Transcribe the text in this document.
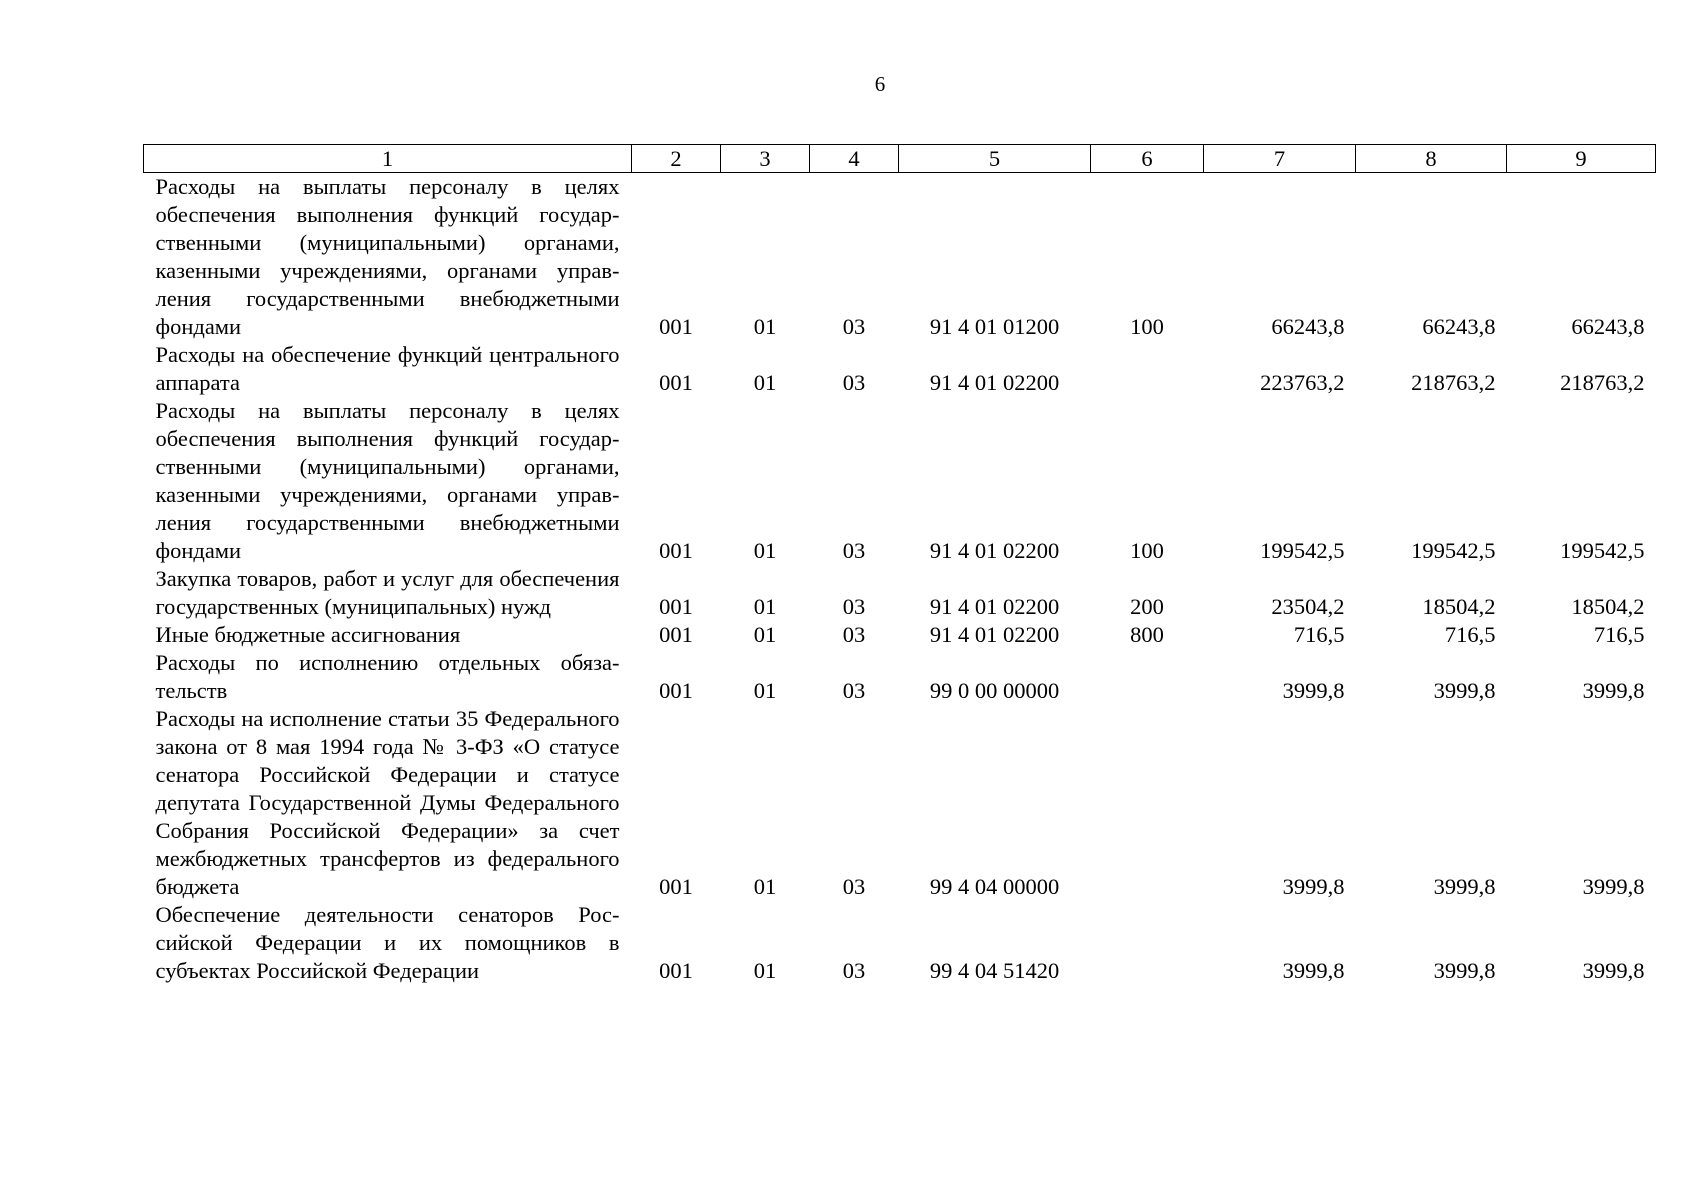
6
1	2	3	4	5	6	7	8	9
Расходы на выплаты персоналу в целях обеспечения выполнения функций государственными (муниципальными) органами, казенными учреждениями, органами управления государственными внебюджетными фондами	001	01	03	91 4 01 01200	100	66243,8	66243,8	66243,8
Расходы на обеспечение функций центрального аппарата	001	01	03	91 4 01 02200		223763,2	218763,2	218763,2
Расходы на выплаты персоналу в целях обеспечения выполнения функций государственными (муниципальными) органами, казенными учреждениями, органами управления государственными внебюджетными фондами	001	01	03	91 4 01 02200	100	199542,5	199542,5	199542,5
Закупка товаров, работ и услуг для обеспечения государственных (муниципальных) нужд	001	01	03	91 4 01 02200	200	23504,2	18504,2	18504,2
Иные бюджетные ассигнования	001	01	03	91 4 01 02200	800	716,5	716,5	716,5
Расходы по исполнению отдельных обязательств	001	01	03	99 0 00 00000		3999,8	3999,8	3999,8
Расходы на исполнение статьи 35 Федерального закона от 8 мая 1994 года № 3-ФЗ «О статусе сенатора Российской Федерации и статусе депутата Государственной Думы Федерального Собрания Российской Федерации» за счет межбюджетных трансфертов из федерального бюджета	001	01	03	99 4 04 00000		3999,8	3999,8	3999,8
Обеспечение деятельности сенаторов Российской Федерации и их помощников в субъектах Российской Федерации	001	01	03	99 4 04 51420		3999,8	3999,8	3999,8
